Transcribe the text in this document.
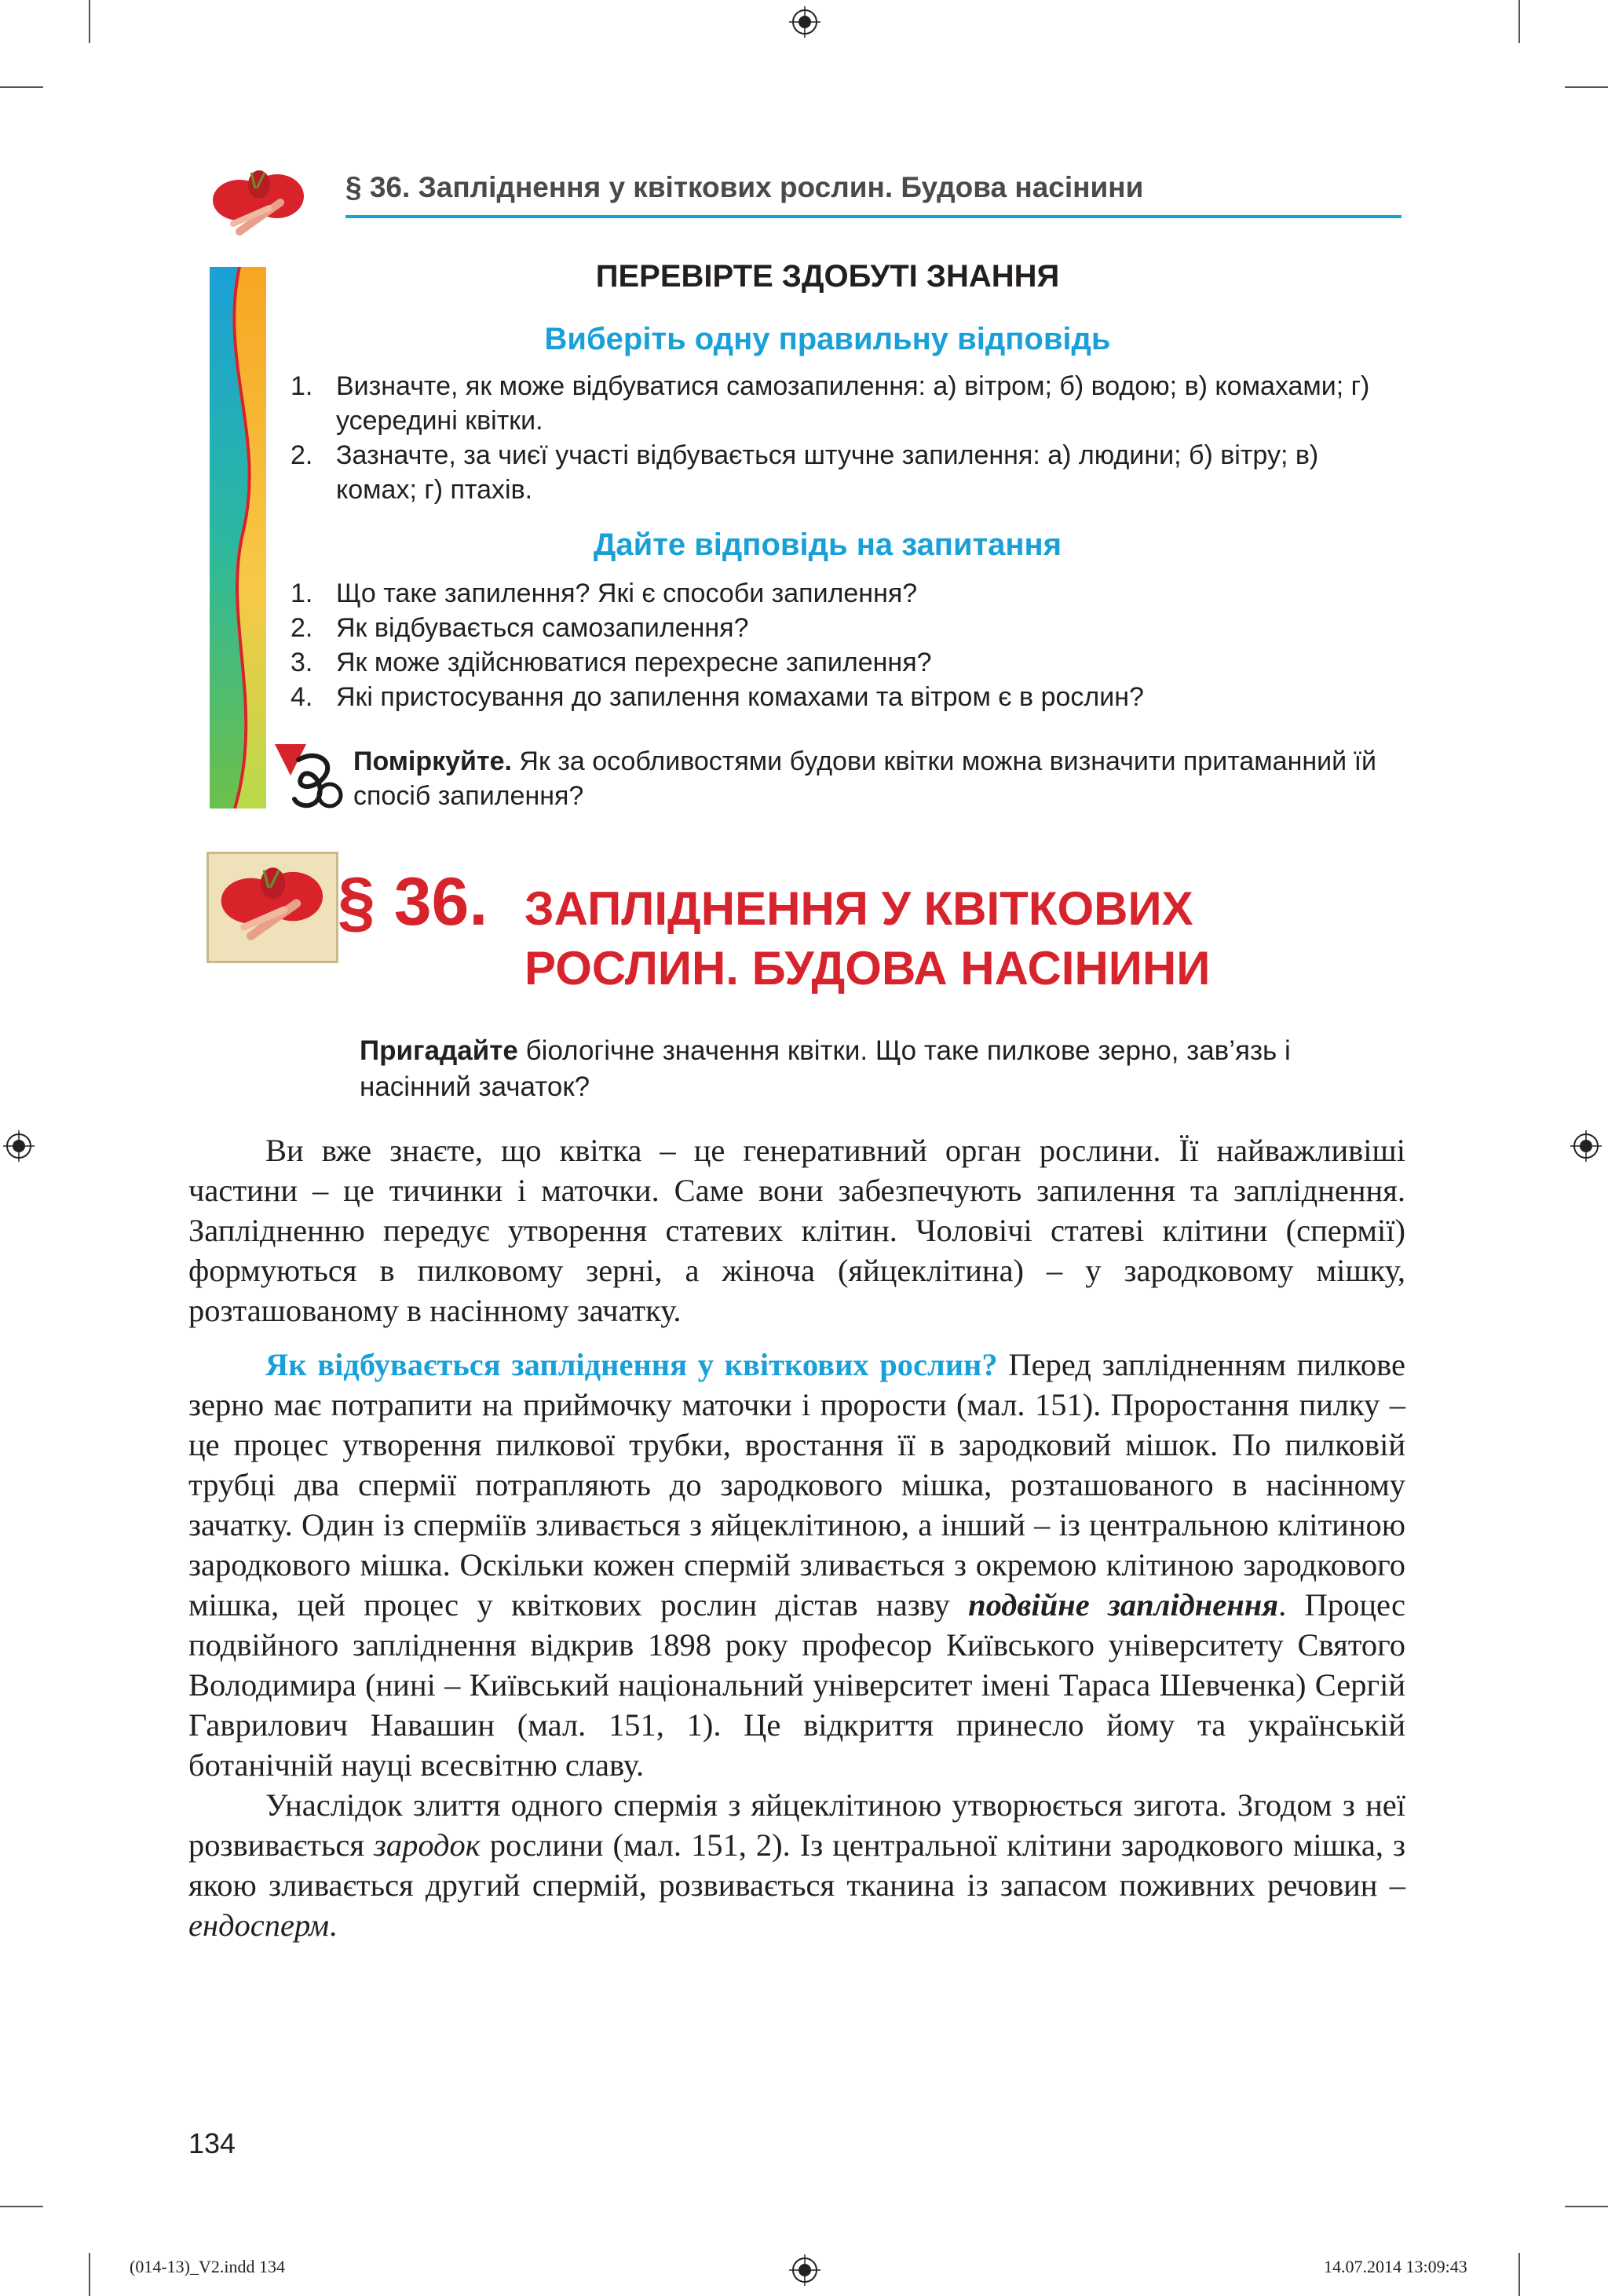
§ 36. Запліднення у квіткових рослин. Будова насінини
ПЕРЕВІРТЕ ЗДОБУТІ ЗНАННЯ
Виберіть одну правильну відповідь
1. Визначте, як може відбуватися самозапилення: а) вітром; б) водою; в) комахами; г) усередині квітки.
2. Зазначте, за чиєї участі відбувається штучне запилення: а) людини; б) вітру; в) комах; г) птахів.
Дайте відповідь на запитання
1. Що таке запилення? Які є способи запилення?
2. Як відбувається самозапилення?
3. Як може здійснюватися перехресне запилення?
4. Які пристосування до запилення комахами та вітром є в рослин?
Поміркуйте. Як за особливостями будови квітки можна визначити притаманний їй спосіб запилення?
§ 36. ЗАПЛІДНЕННЯ У КВІТКОВИХ
РОСЛИН. БУДОВА НАСІНИНИ
Пригадайте біологічне значення квітки. Що таке пилкове зерно, зав’язь і насінний зачаток?

Ви вже знаєте, що квітка – це генеративний орган рослини. Її найважливіші частини – це тичинки і маточки. Саме вони забезпечують запилення та запліднення. Заплідненню передує утворення статевих клітин. Чоловічі статеві клітини (спермії) формуються в пилковому зерні, а жіноча (яйцеклітина) – у зародковому мішку, розташованому в насінному зачатку.

Як відбувається запліднення у квіткових рослин? Перед заплідненням пилкове зерно має потрапити на приймочку маточки і прорости (мал. 151). Проростання пилку – це процес утворення пилкової трубки, вростання її в зародковий мішок. По пилковій трубці два спермії потрапляють до зародкового мішка, розташованого в насінному зачатку. Один із сперміїв зливається з яйцеклітиною, а інший – із центральною клітиною зародкового мішка. Оскільки кожен спермій зливається з окремою клітиною зародкового мішка, цей процес у квіткових рослин дістав назву подвійне запліднення. Процес подвійного запліднення відкрив 1898 року професор Київського університету Святого Володимира (нині – Київський національний університет імені Тараса Шевченка) Сергій Гаврилович Навашин (мал. 151, 1). Це відкриття принесло йому та українській ботанічній науці всесвітню славу.

Унаслідок злиття одного спермія з яйцеклітиною утворюється зигота. Згодом з неї розвивається зародок рослини (мал. 151, 2). Із центральної клітини зародкового мішка, з якою зливається другий спермій, розвивається тканина із запасом поживних речовин – ендосперм.

134
(014-13)_V2.indd 134	14.07.2014 13:09:43
